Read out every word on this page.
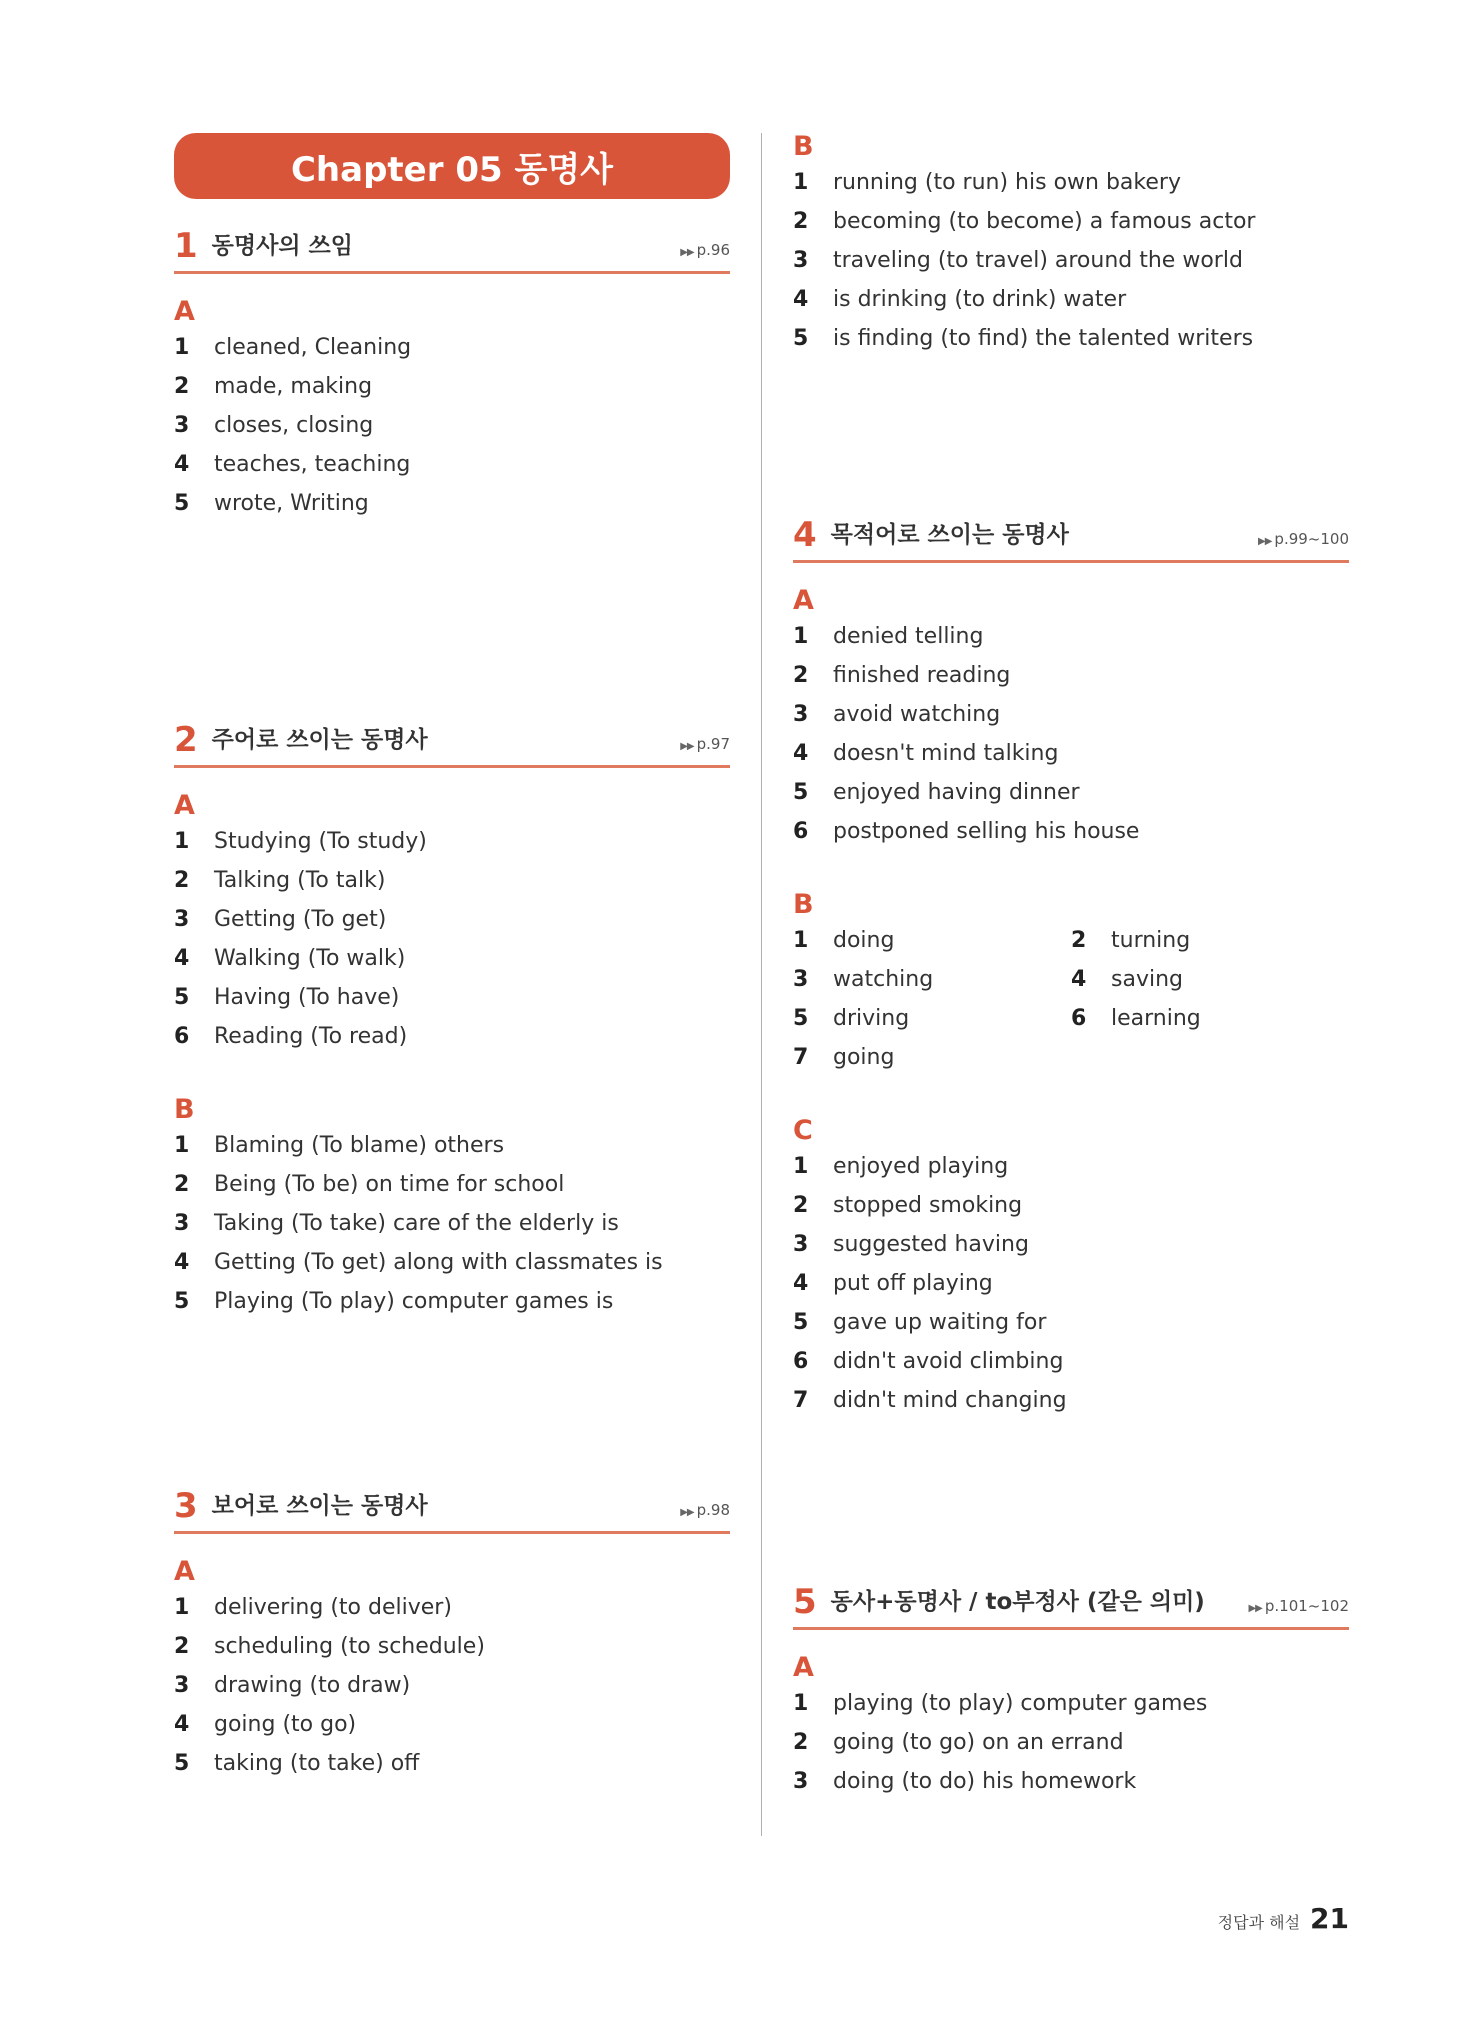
Chapter 05 동명사
1 동명사의 쓰임	▶▶ p.96
A
1	cleaned, Cleaning
2	made, making
3	closes, closing
4	teaches, teaching
5	wrote, Writing
2 주어로 쓰이는 동명사	▶▶ p.97
A
1	Studying (To study)
2	Talking (To talk)
3	Getting (To get)
4	Walking (To walk)
5	Having (To have)
6	Reading (To read)
B
1	Blaming (To blame) others
2	Being (To be) on time for school
3	Taking (To take) care of the elderly is
4	Getting (To get) along with classmates is
5	Playing (To play) computer games is
3 보어로 쓰이는 동명사	▶▶ p.98
A
1	delivering (to deliver)
2	scheduling (to schedule)
3	drawing (to draw)
4	going (to go)
5	taking (to take) off
B
1	running (to run) his own bakery
2	becoming (to become) a famous actor
3	traveling (to travel) around the world
4	is drinking (to drink) water
5	is finding (to find) the talented writers
4 목적어로 쓰이는 동명사	▶▶ p.99~100
A
1	denied telling
2	finished reading
3	avoid watching
4	doesn't mind talking
5	enjoyed having dinner
6	postponed selling his house
B
1	doing	2	turning
3	watching	4	saving
5	driving	6	learning
7	going
C
1	enjoyed playing
2	stopped smoking
3	suggested having
4	put off playing
5	gave up waiting for
6	didn't avoid climbing
7	didn't mind changing
5 동사+동명사 / to부정사 (같은 의미)	▶▶ p.101~102
A
1	playing (to play) computer games
2	going (to go) on an errand
3	doing (to do) his homework
정답과 해설 21
